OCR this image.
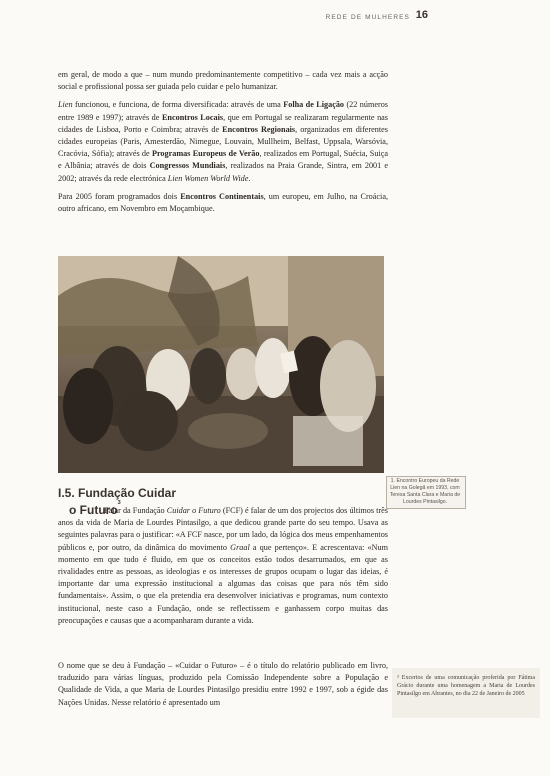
REDE DE MULHERES 16

em geral, de modo a que – num mundo predominantemente competitivo – cada vez mais a acção social e profissional possa ser guiada pelo cuidar e pelo humanizar.

Lien funcionou, e funciona, de forma diversificada: através de uma Folha de Ligação (22 números entre 1989 e 1997); através de Encontros Locais, que em Portugal se realizaram regularmente nas cidades de Lisboa, Porto e Coimbra; através de Encontros Regionais, organizados em diferentes cidades europeias (Paris, Amesterdão, Nimegue, Louvain, Mullheim, Belfast, Uppsala, Warsóvia, Cracóvia, Sófia); através de Programas Europeus de Verão, realizados em Portugal, Suécia, Suiça e Albânia; através de dois Congressos Mundiais, realizados na Praia Grande, Sintra, em 2001 e 2002; através da rede electrónica Lien Women World Wide.

Para 2005 foram programados dois Encontros Continentais, um europeu, em Julho, na Croácia, outro africano, em Novembro em Moçambique.

1. Encontro Europeu da Rede Lien na Golegã em 1993, com Teresa Santa Clara e Maria de Lourdes Pintasilgo.
I.5. Fundação Cuidar
o Futuro$^3$

Falar da Fundação Cuidar o Futuro (FCF) é falar de um dos projectos dos últimos três anos da vida de Maria de Lourdes Pintasilgo, a que dedicou grande parte do seu tempo. Usava as seguintes palavras para o justificar: «A FCF nasce, por um lado, da lógica dos meus empenhamentos públicos e, por outro, da dinâmica do movimento Graal a que pertenço». E acrescentava: «Num momento em que tudo é fluido, em que os conceitos estão todos desarrumados, em que as rivalidades entre as pessoas, as ideologias e os interesses de grupos ocupam o lugar das ideias, é importante dar uma expressão institucional a algumas das coisas que para nós têm sido fundamentais». Assim, o que ela pretendia era desenvolver iniciativas e programas, num contexto institucional, neste caso a Fundação, onde se reflectissem e ganhassem corpo muitas das preocupações e causas que a acompanharam durante a vida.

O nome que se deu à Fundação – «Cuidar o Futuro» – é o título do relatório publicado em livro, traduzido para várias línguas, produzido pela Comissão Independente sobre a População e Qualidade de Vida, a que Maria de Lourdes Pintasilgo presidiu entre 1992 e 1997, sob a égide das Nações Unidas. Nesse relatório é apresentado um

³ Excertos de uma comunicação proferida por Fátima Grácio durante uma homenagem a Maria de Lourdes Pintasilgo em Abrantes, no dia 22 de Janeiro de 2005
